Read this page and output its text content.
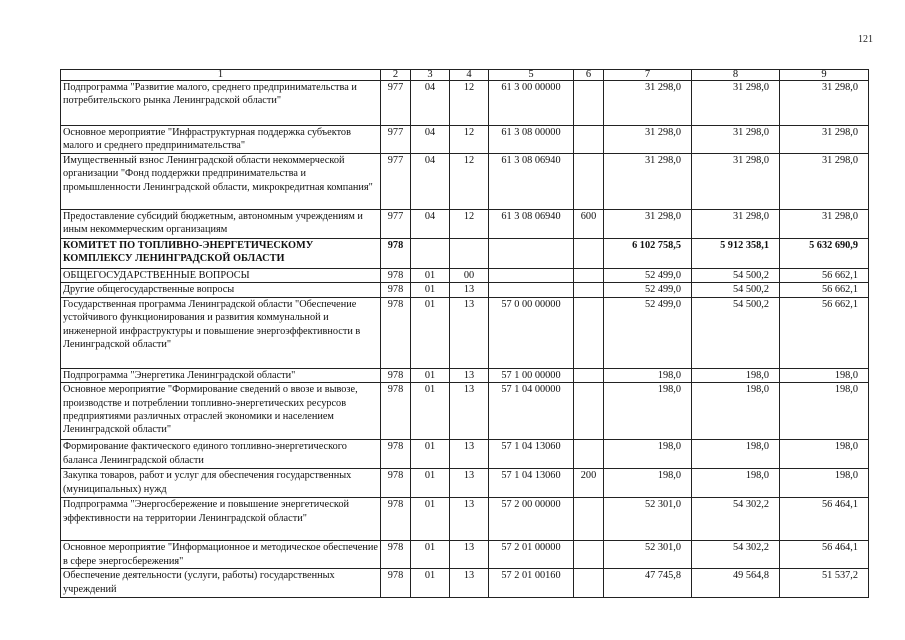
121
1	2	3	4	5	6	7	8	9
Подпрограмма "Развитие малого, среднего предпринимательства и потребительского рынка Ленинградской области"	977	04	12	61 3 00 00000		31 298,0	31 298,0	31 298,0
Основное мероприятие "Инфраструктурная поддержка субъектов малого и среднего предпринимательства"	977	04	12	61 3 08 00000		31 298,0	31 298,0	31 298,0
Имущественный взнос Ленинградской области некоммерческой организации "Фонд поддержки предпринимательства и промышленности Ленинградской области, микрокредитная компания"	977	04	12	61 3 08 06940		31 298,0	31 298,0	31 298,0
Предоставление субсидий бюджетным, автономным учреждениям и иным некоммерческим организациям	977	04	12	61 3 08 06940	600	31 298,0	31 298,0	31 298,0
КОМИТЕТ ПО ТОПЛИВНО-ЭНЕРГЕТИЧЕСКОМУ КОМПЛЕКСУ ЛЕНИНГРАДСКОЙ ОБЛАСТИ	978					6 102 758,5	5 912 358,1	5 632 690,9
ОБЩЕГОСУДАРСТВЕННЫЕ ВОПРОСЫ	978	01	00			52 499,0	54 500,2	56 662,1
Другие общегосударственные вопросы	978	01	13			52 499,0	54 500,2	56 662,1
Государственная программа Ленинградской области "Обеспечение устойчивого функционирования и развития коммунальной и инженерной инфраструктуры и повышение энергоэффективности в Ленинградской области"	978	01	13	57 0 00 00000		52 499,0	54 500,2	56 662,1
Подпрограмма "Энергетика Ленинградской области"	978	01	13	57 1 00 00000		198,0	198,0	198,0
Основное мероприятие "Формирование сведений о ввозе и вывозе, производстве и потреблении топливно-энергетических ресурсов предприятиями различных отраслей экономики и населением Ленинградской области"	978	01	13	57 1 04 00000		198,0	198,0	198,0
Формирование фактического единого топливно-энергетического баланса Ленинградской области	978	01	13	57 1 04 13060		198,0	198,0	198,0
Закупка товаров, работ и услуг для обеспечения государственных (муниципальных) нужд	978	01	13	57 1 04 13060	200	198,0	198,0	198,0
Подпрограмма "Энергосбережение и повышение энергетической эффективности на территории Ленинградской области"	978	01	13	57 2 00 00000		52 301,0	54 302,2	56 464,1
Основное мероприятие "Информационное и методическое обеспечение в сфере энергосбережения"	978	01	13	57 2 01 00000		52 301,0	54 302,2	56 464,1
Обеспечение деятельности (услуги, работы) государственных учреждений	978	01	13	57 2 01 00160		47 745,8	49 564,8	51 537,2
